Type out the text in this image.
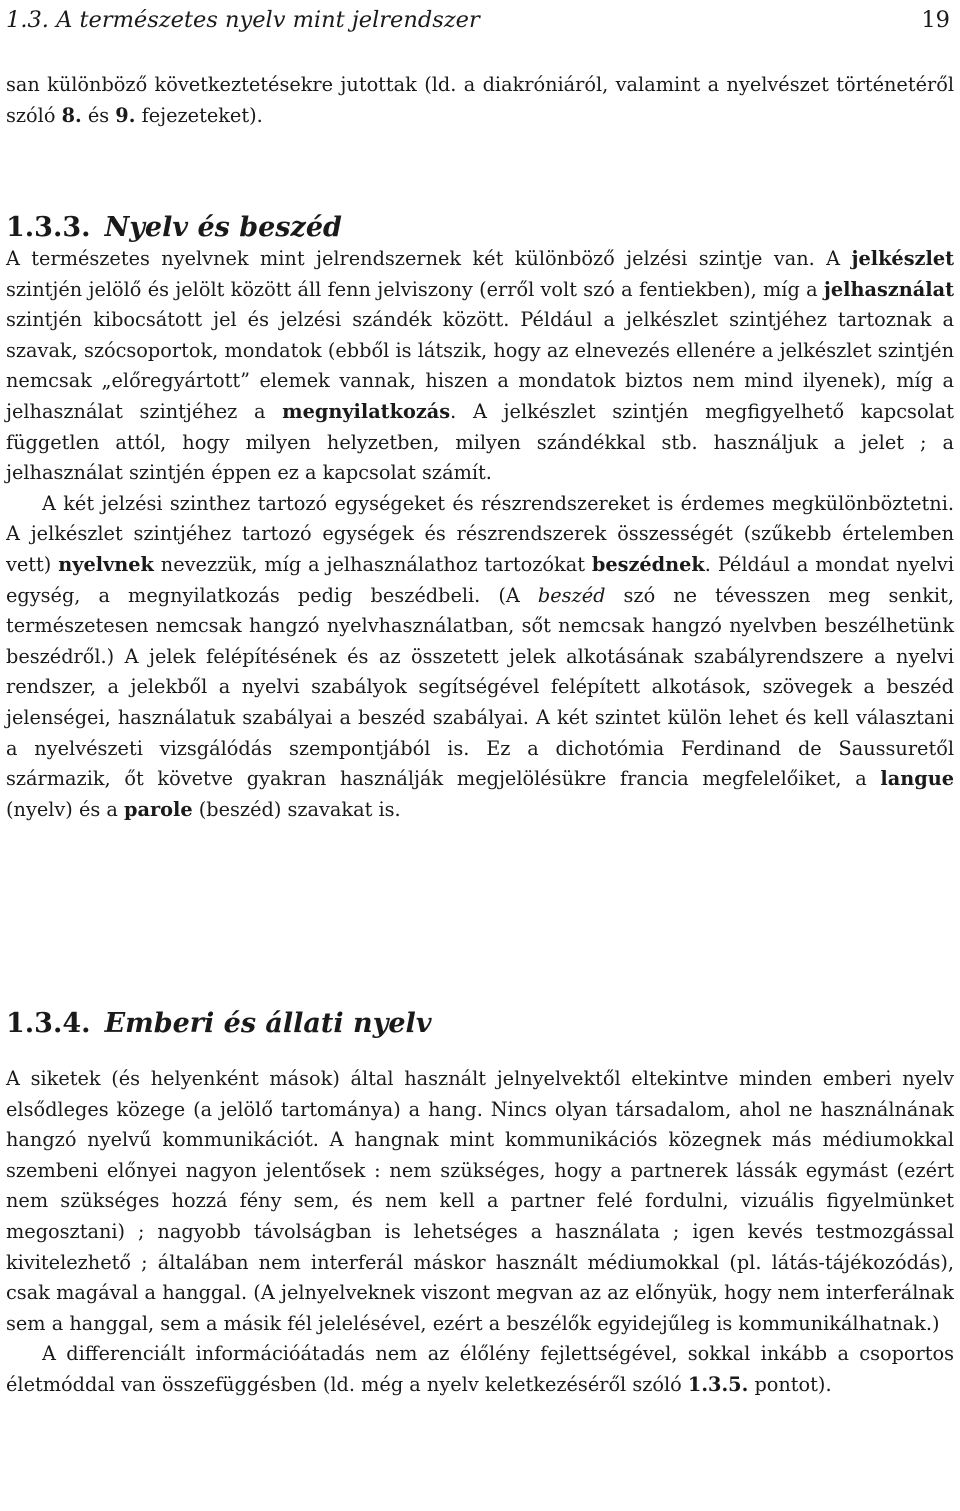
1.3. A természetes nyelv mint jelrendszer	19

san különböző következtetésekre jutottak (ld. a diakróniáról, valamint a nyelvészet történetéről szóló 8. és 9. fejezeteket).

1.3.3. Nyelv és beszéd

A természetes nyelvnek mint jelrendszernek két különböző jelzési szintje van. A jelkészlet szintjén jelölő és jelölt között áll fenn jelviszony (erről volt szó a fentiekben), míg a jelhasználat szintjén kibocsátott jel és jelzési szándék között. Például a jelkészlet szintjéhez tartoznak a szavak, szócsoportok, mondatok (ebből is látszik, hogy az elnevezés ellenére a jelkészlet szintjén nemcsak „előregyártott” elemek vannak, hiszen a mondatok biztos nem mind ilyenek), míg a jelhasználat szintjéhez a megnyilatkozás. A jelkészlet szintjén megfigyelhető kapcsolat független attól, hogy milyen helyzetben, milyen szándékkal stb. használjuk a jelet ; a jelhasználat szintjén éppen ez a kapcsolat számít.

A két jelzési szinthez tartozó egységeket és részrendszereket is érdemes megkülönböztetni. A jelkészlet szintjéhez tartozó egységek és részrendszerek összességét (szűkebb értelemben vett) nyelvnek nevezzük, míg a jelhasználathoz tartozókat beszédnek. Például a mondat nyelvi egység, a megnyilatkozás pedig beszédbeli. (A beszéd szó ne tévesszen meg senkit, természetesen nemcsak hangzó nyelvhasználatban, sőt nemcsak hangzó nyelvben beszélhetünk beszédről.) A jelek felépítésének és az összetett jelek alkotásának szabályrendszere a nyelvi rendszer, a jelekből a nyelvi szabályok segítségével felépített alkotások, szövegek a beszéd jelenségei, használatuk szabályai a beszéd szabályai. A két szintet külön lehet és kell választani a nyelvészeti vizsgálódás szempontjából is. Ez a dichotómia Ferdinand de Saussuretől származik, őt követve gyakran használják megjelölésükre francia megfelelőiket, a langue (nyelv) és a parole (beszéd) szavakat is.

1.3.4. Emberi és állati nyelv

A siketek (és helyenként mások) által használt jelnyelvektől eltekintve minden emberi nyelv elsődleges közege (a jelölő tartománya) a hang. Nincs olyan társadalom, ahol ne használnának hangzó nyelvű kommunikációt. A hangnak mint kommunikációs közegnek más médiumokkal szembeni előnyei nagyon jelentősek : nem szükséges, hogy a partnerek lássák egymást (ezért nem szükséges hozzá fény sem, és nem kell a partner felé fordulni, vizuális figyelmünket megosztani) ; nagyobb távolságban is lehetséges a használata ; igen kevés testmozgással kivitelezhető ; általában nem interferál máskor használt médiumokkal (pl. látás-tájékozódás), csak magával a hanggal. (A jelnyelveknek viszont megvan az az előnyük, hogy nem interferálnak sem a hanggal, sem a másik fél jelelésével, ezért a beszélők egyidejűleg is kommunikálhatnak.)

A differenciált információátadás nem az élőlény fejlettségével, sokkal inkább a csoportos életmóddal van összefüggésben (ld. még a nyelv keletkezéséről szóló 1.3.5. pontot).
